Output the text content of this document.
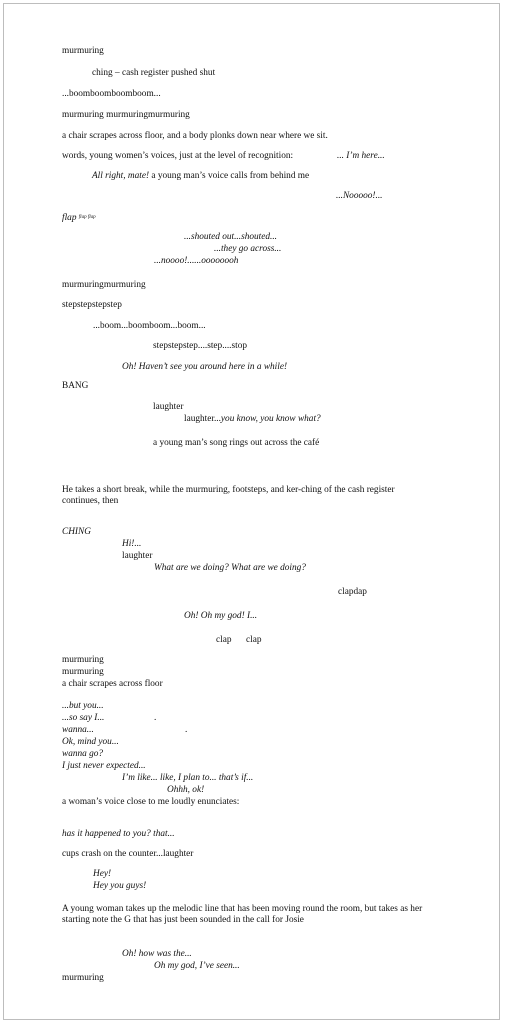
murmuring
ching – cash register pushed shut
...boomboomboomboom...
murmuring murmuringmurmuring
a chair scrapes across floor, and a body plonks down near where we sit.
words, young women’s voices, just at the level of recognition:	... I’m here...
All right, mate! a young man’s voice calls from behind me
...Nooooo!...
flap $^{flap flap}$
...shouted out...shouted...
...they go across...
...noooo!......oooooooh
murmuringmurmuring
stepstepstepstep
...boom...boomboom...boom...
stepstepstep....step....stop
Oh! Haven’t see you around here in a while!
BANG
laughter
laughter...you know, you know what?
a young man’s song rings out across the café
He takes a short break, while the murmuring, footsteps, and ker-ching of the cash register continues, then
CHING
Hi!...
laughter
What are we doing? What are we doing?
clapdap
Oh! Oh my god! I...
clap clap
murmuring
murmuring
a chair scrapes across floor
...but you...
...so say I...	.
wanna...	.
Ok, mind you...
wanna go?
I just never expected...
I’m like... like, I plan to... that’s if...
Ohhh, ok!
a woman’s voice close to me loudly enunciates:
has it happened to you? that...
cups crash on the counter...laughter
Hey!
Hey you guys!
A young woman takes up the melodic line that has been moving round the room, but takes as her starting note the G that has just been sounded in the call for Josie
Oh! how was the...
Oh my god, I’ve seen...
murmuring
